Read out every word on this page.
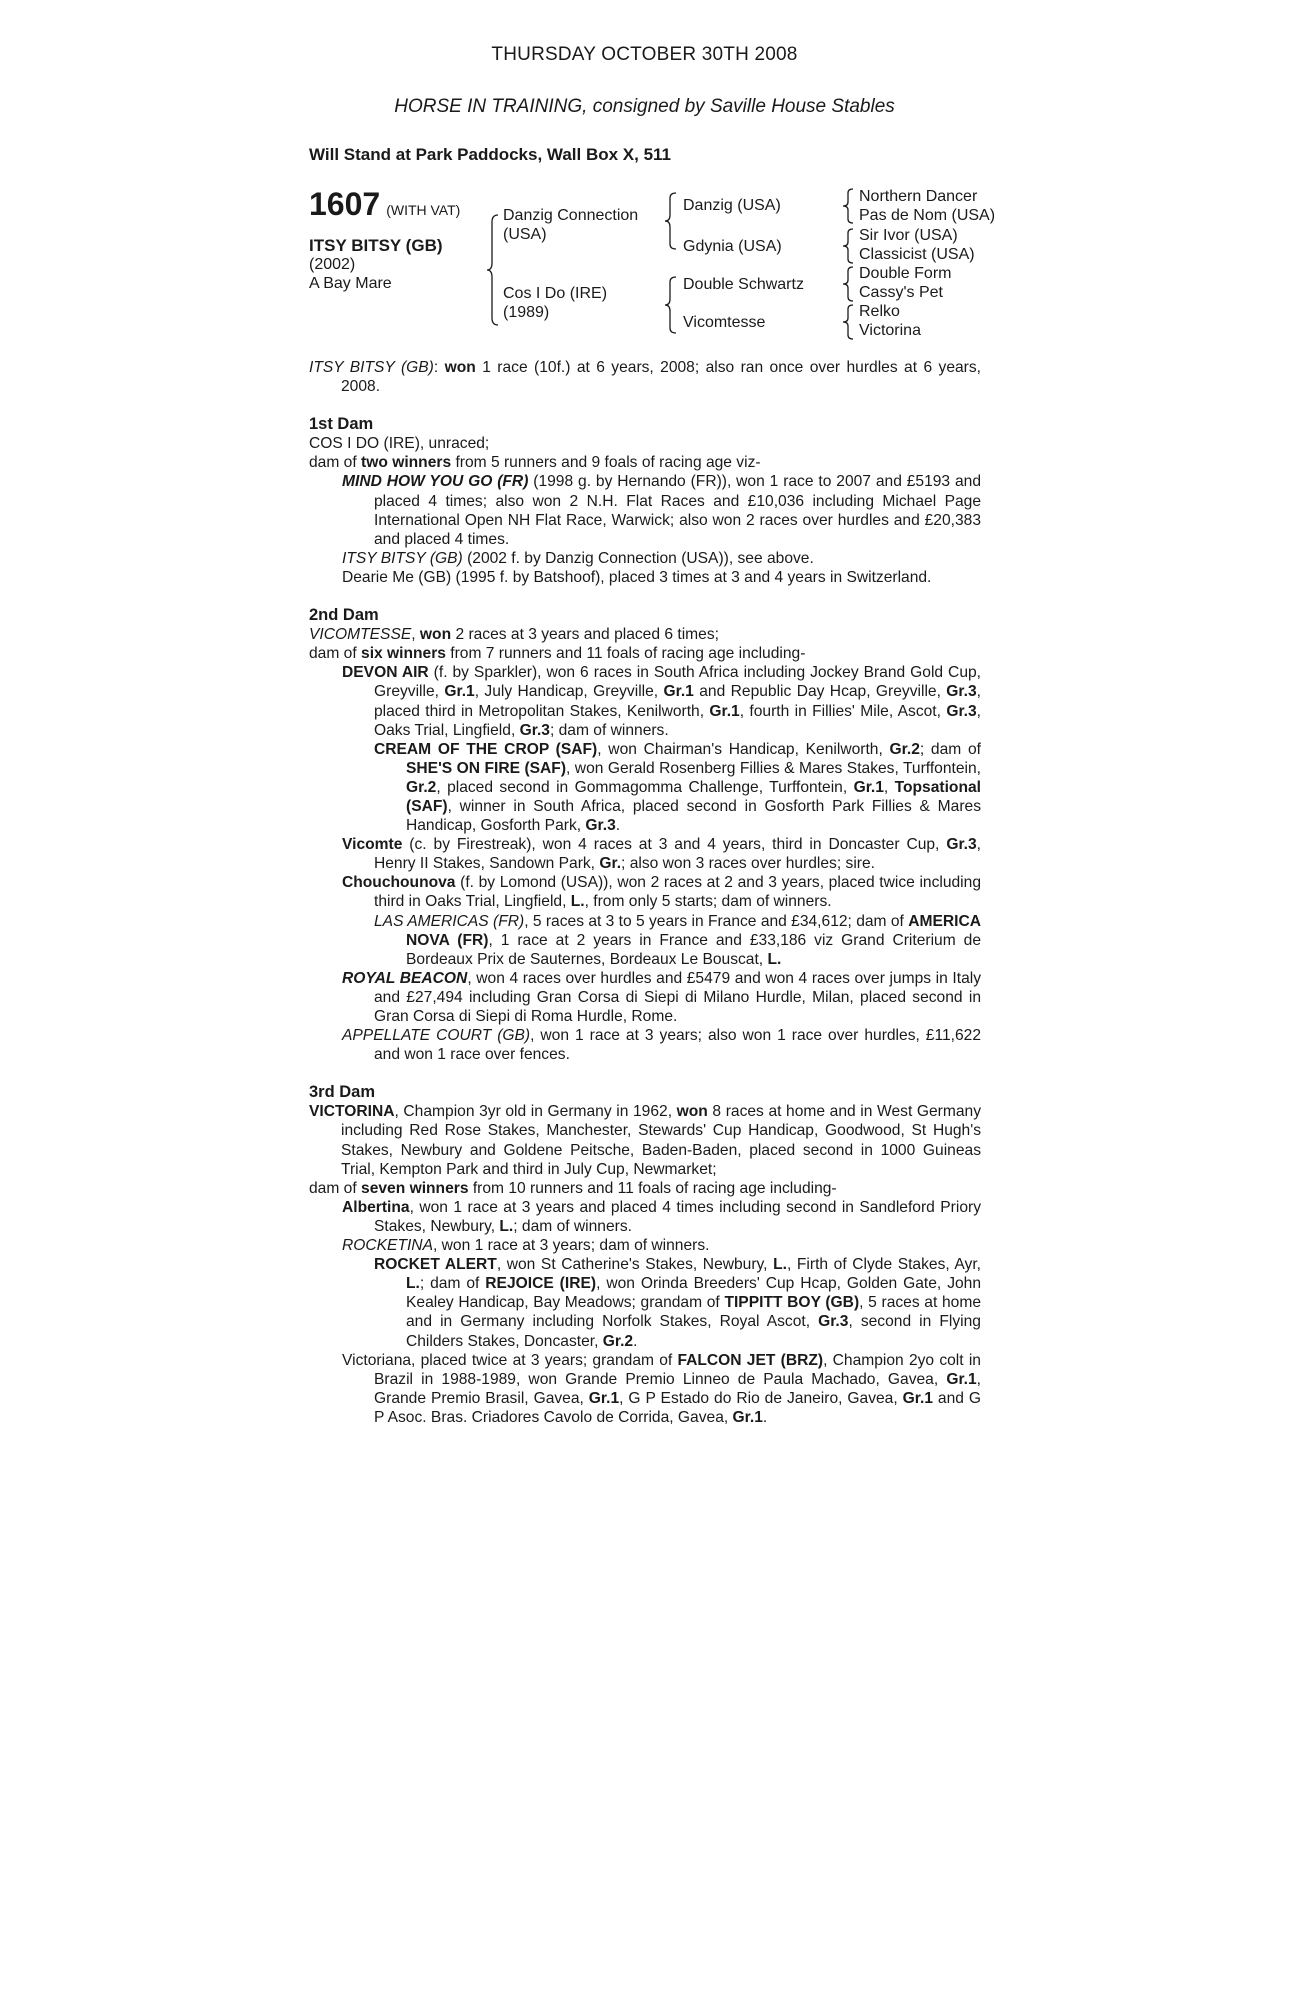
THURSDAY OCTOBER 30TH 2008
HORSE IN TRAINING, consigned by Saville House Stables
Will Stand at Park Paddocks, Wall Box X, 511
1607 (WITH VAT)
ITSY BITSY (GB)
(2002)
A Bay Mare
Danzig Connection
(USA)
Cos I Do (IRE)
(1989)
Danzig (USA)
Gdynia (USA)
Double Schwartz
Vicomtesse
Northern Dancer
Pas de Nom (USA)
Sir Ivor (USA)
Classicist (USA)
Double Form
Cassy's Pet
Relko
Victorina

ITSY BITSY (GB): won 1 race (10f.) at 6 years, 2008; also ran once over hurdles at 6 years, 2008.

1st Dam

COS I DO (IRE), unraced;

dam of two winners from 5 runners and 9 foals of racing age viz-

MIND HOW YOU GO (FR) (1998 g. by Hernando (FR)), won 1 race to 2007 and £5193 and placed 4 times; also won 2 N.H. Flat Races and £10,036 including Michael Page International Open NH Flat Race, Warwick; also won 2 races over hurdles and £20,383 and placed 4 times.

ITSY BITSY (GB) (2002 f. by Danzig Connection (USA)), see above.

Dearie Me (GB) (1995 f. by Batshoof), placed 3 times at 3 and 4 years in Switzerland.

2nd Dam

VICOMTESSE, won 2 races at 3 years and placed 6 times;

dam of six winners from 7 runners and 11 foals of racing age including-

DEVON AIR (f. by Sparkler), won 6 races in South Africa including Jockey Brand Gold Cup, Greyville, Gr.1, July Handicap, Greyville, Gr.1 and Republic Day Hcap, Greyville, Gr.3, placed third in Metropolitan Stakes, Kenilworth, Gr.1, fourth in Fillies' Mile, Ascot, Gr.3, Oaks Trial, Lingfield, Gr.3; dam of winners.

CREAM OF THE CROP (SAF), won Chairman's Handicap, Kenilworth, Gr.2; dam of SHE'S ON FIRE (SAF), won Gerald Rosenberg Fillies & Mares Stakes, Turffontein, Gr.2, placed second in Gommagomma Challenge, Turffontein, Gr.1, Topsational (SAF), winner in South Africa, placed second in Gosforth Park Fillies & Mares Handicap, Gosforth Park, Gr.3.

Vicomte (c. by Firestreak), won 4 races at 3 and 4 years, third in Doncaster Cup, Gr.3, Henry II Stakes, Sandown Park, Gr.; also won 3 races over hurdles; sire.

Chouchounova (f. by Lomond (USA)), won 2 races at 2 and 3 years, placed twice including third in Oaks Trial, Lingfield, L., from only 5 starts; dam of winners.

LAS AMERICAS (FR), 5 races at 3 to 5 years in France and £34,612; dam of AMERICA NOVA (FR), 1 race at 2 years in France and £33,186 viz Grand Criterium de Bordeaux Prix de Sauternes, Bordeaux Le Bouscat, L.

ROYAL BEACON, won 4 races over hurdles and £5479 and won 4 races over jumps in Italy and £27,494 including Gran Corsa di Siepi di Milano Hurdle, Milan, placed second in Gran Corsa di Siepi di Roma Hurdle, Rome.

APPELLATE COURT (GB), won 1 race at 3 years; also won 1 race over hurdles, £11,622 and won 1 race over fences.

3rd Dam

VICTORINA, Champion 3yr old in Germany in 1962, won 8 races at home and in West Germany including Red Rose Stakes, Manchester, Stewards' Cup Handicap, Goodwood, St Hugh's Stakes, Newbury and Goldene Peitsche, Baden-Baden, placed second in 1000 Guineas Trial, Kempton Park and third in July Cup, Newmarket;

dam of seven winners from 10 runners and 11 foals of racing age including-

Albertina, won 1 race at 3 years and placed 4 times including second in Sandleford Priory Stakes, Newbury, L.; dam of winners.

ROCKETINA, won 1 race at 3 years; dam of winners.

ROCKET ALERT, won St Catherine's Stakes, Newbury, L., Firth of Clyde Stakes, Ayr, L.; dam of REJOICE (IRE), won Orinda Breeders' Cup Hcap, Golden Gate, John Kealey Handicap, Bay Meadows; grandam of TIPPITT BOY (GB), 5 races at home and in Germany including Norfolk Stakes, Royal Ascot, Gr.3, second in Flying Childers Stakes, Doncaster, Gr.2.

Victoriana, placed twice at 3 years; grandam of FALCON JET (BRZ), Champion 2yo colt in Brazil in 1988-1989, won Grande Premio Linneo de Paula Machado, Gavea, Gr.1, Grande Premio Brasil, Gavea, Gr.1, G P Estado do Rio de Janeiro, Gavea, Gr.1 and G P Asoc. Bras. Criadores Cavolo de Corrida, Gavea, Gr.1.
